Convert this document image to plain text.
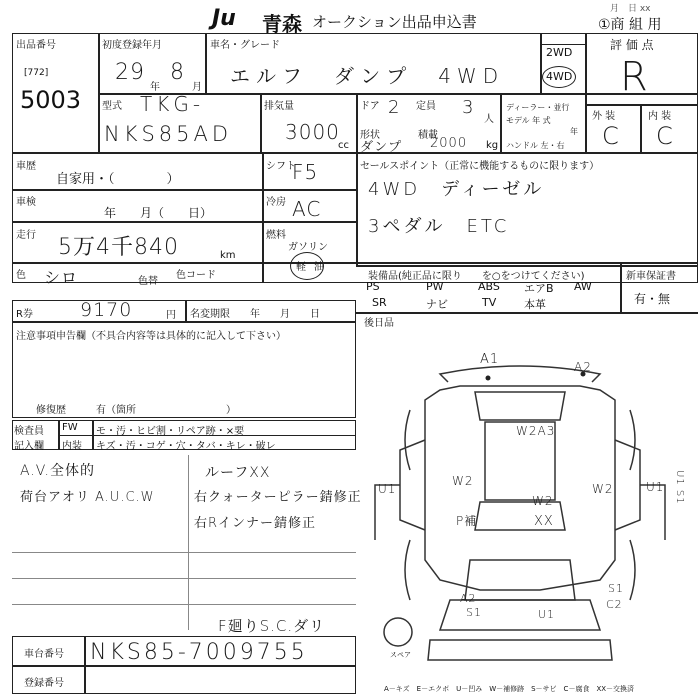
Ju 青森 オークション出品申込書
月　日 xx
①商 組 用
出品番号
[772]
5003
初度登録年月
29
年
8
月
車名・グレード
エルフ　ダンプ　4WD
2WD
4WD
評 価 点
R
型式 TKG-
NKS85AD
排気量
3000
cc
ドア 2 定員 3
人
形状
ダンプ
積載
2000 kg
ディーラー・並行
モデル 年 式
年
ハンドル 左・右
外 装	内 装
C C
車歴
自家用・（　　　　）
シフト
F5	セールスポイント（正常に機能するものに限ります）
4WD　ディーゼル
3ペダル　ETC
車検
年　　月（　　日）
冷房 AC
走行 5万4千840	km
燃料
ガソリン
軽 油
色 シロ	色替
色コード	装備品(純正品に限り　　を○をつけてください)
PS	PW	ABS エアB AW
SR	ナビ	TV	本革
新車保証書
有・無
R券 9170	円 名変期限 年　　月　　日
後日品
注意事項申告欄（不具合内容等は具体的に記入して下さい）
修復歴	有（箇所　　　　　　　　　）
検査員
記入欄
FW モ・汚・ヒビ割・リペア跡・×要
内装 キズ・汚・コゲ・穴・タバ・キレ・破レ
A.V.全体的
荷台アオリ A.U.C.W
ルーフXX
右クォーターピラー錆修正
右Rインナー錆修正
F廻りS.C.ダリ
車台番号 NKS85-7009755
登録番号	A－キズ　E－エクボ　U－凹み　W－補修跡　S－サビ　C－腐食　XX－交換済
A1	A2
W2A3
U1
W2
W2
XX
P補
W2	U1 U1 S1
A2
S1	U1
S1
C2
スペア
